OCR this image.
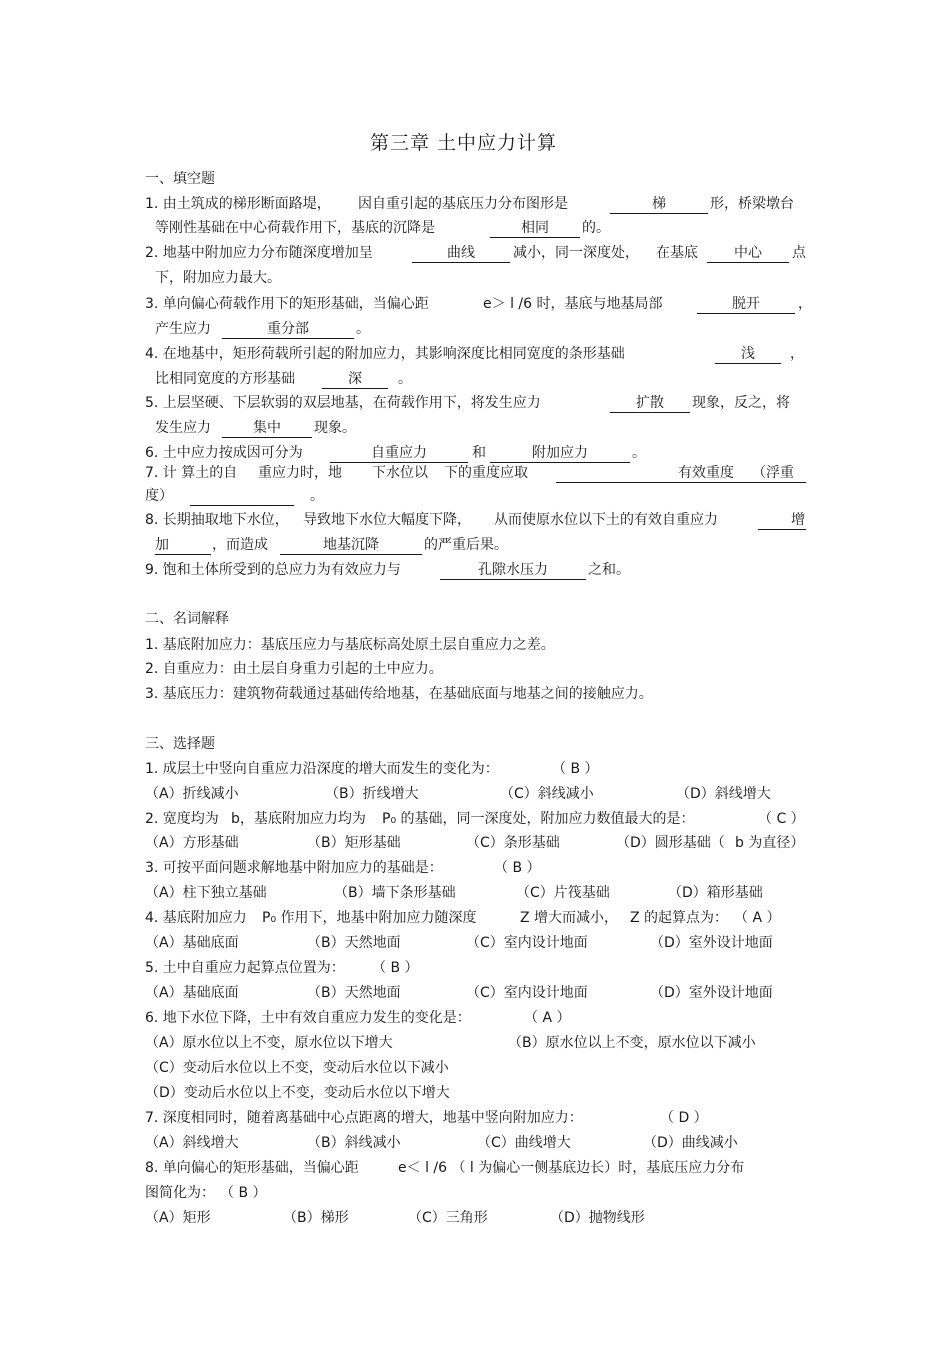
第三章 土中应力计算
一、填空题
1. 由土筑成的梯形断面路堤， 因自重引起的基底压力分布图形是	梯	形，桥梁墩台
等刚性基础在中心荷载作用下，基底的沉降是	相同	的。
2. 地基中附加应力分布随深度增加呈	曲线	减小，同一深度处， 在基底	中心	点
下，附加应力最大。
3. 单向偏心荷载作用下的矩形基础，当偏心距	e＞ l /6 时，基底与地基局部	脱开	，
产生应力	重分部	。
4. 在地基中，矩形荷载所引起的附加应力，其影响深度比相同宽度的条形基础	浅	，
比相同宽度的方形基础	深	。
5. 上层坚硬、下层软弱的双层地基，在荷载作用下，将发生应力	扩散	现象，反之，将
发生应力	集中	现象。
6. 土中应力按成因可分为	自重应力	和	附加应力	。
7. 计 算土的自 重应力时，地 下水位以 下的重度应取	有效重度 （浮重
度）	。
8. 长期抽取地下水位， 导致地下水位大幅度下降， 从而使原水位以下土的有效自重应力	增
加	，而造成	地基沉降	的严重后果。
9. 饱和土体所受到的总应力为有效应力与	孔隙水压力	之和。
二、名词解释
1. 基底附加应力：基底压应力与基底标高处原土层自重应力之差。
2. 自重应力：由土层自身重力引起的土中应力。
3. 基底压力：建筑物荷载通过基础传给地基，在基础底面与地基之间的接触应力。
三、选择题
1. 成层土中竖向自重应力沿深度的增大而发生的变化为：	（ B ）
（A）折线减小	（B）折线增大	（C）斜线减小	（D）斜线增大
2. 宽度均为 b，基底附加应力均为 P₀ 的基础，同一深度处，附加应力数值最大的是：	（ C ）
（A）方形基础	（B）矩形基础	（C）条形基础	（D）圆形基础（ b 为直径）
3. 可按平面问题求解地基中附加应力的基础是：	（ B ）
（A）柱下独立基础	（B）墙下条形基础	（C）片筏基础	（D）箱形基础
4. 基底附加应力 P₀ 作用下，地基中附加应力随深度	Z 增大而减小， Z 的起算点为： （ A ）
（A）基础底面	（B）天然地面	（C）室内设计地面	（D）室外设计地面
5. 土中自重应力起算点位置为： （ B ）
（A）基础底面	（B）天然地面	（C）室内设计地面	（D）室外设计地面
6. 地下水位下降，土中有效自重应力发生的变化是：	（ A ）
（A）原水位以上不变，原水位以下增大	（B）原水位以上不变，原水位以下减小
（C）变动后水位以上不变，变动后水位以下减小
（D）变动后水位以上不变，变动后水位以下增大
7. 深度相同时，随着离基础中心点距离的增大，地基中竖向附加应力：	（ D ）
（A）斜线增大	（B）斜线减小	（C）曲线增大	（D）曲线减小
8. 单向偏心的矩形基础，当偏心距	e＜ l /6 （ l 为偏心一侧基底边长）时，基底压应力分布
图简化为： （ B ）
（A）矩形	（B）梯形	（C）三角形	（D）抛物线形
